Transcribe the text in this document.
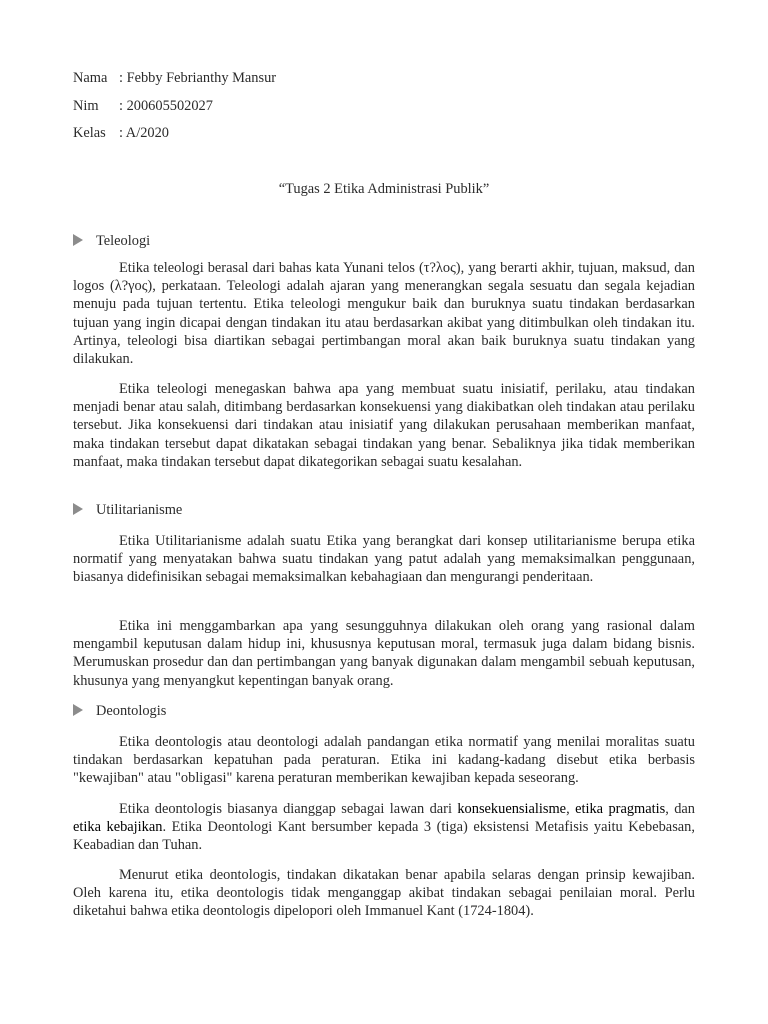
Nama : Febby Febrianthy Mansur
Nim : 200605502027
Kelas : A/2020
“Tugas 2 Etika Administrasi Publik”
Teleologi

Etika teleologi berasal dari bahas kata Yunani telos (τ?λος), yang berarti akhir, tujuan, maksud, dan logos (λ?γος), perkataan. Teleologi adalah ajaran yang menerangkan segala sesuatu dan segala kejadian menuju pada tujuan tertentu. Etika teleologi mengukur baik dan buruknya suatu tindakan berdasarkan tujuan yang ingin dicapai dengan tindakan itu atau berdasarkan akibat yang ditimbulkan oleh tindakan itu. Artinya, teleologi bisa diartikan sebagai pertimbangan moral akan baik buruknya suatu tindakan yang dilakukan.

Etika teleologi menegaskan bahwa apa yang membuat suatu inisiatif, perilaku, atau tindakan menjadi benar atau salah, ditimbang berdasarkan konsekuensi yang diakibatkan oleh tindakan atau perilaku tersebut. Jika konsekuensi dari tindakan atau inisiatif yang dilakukan perusahaan memberikan manfaat, maka tindakan tersebut dapat dikatakan sebagai tindakan yang benar. Sebaliknya jika tidak memberikan manfaat, maka tindakan tersebut dapat dikategorikan sebagai suatu kesalahan.

Utilitarianisme

Etika Utilitarianisme adalah suatu Etika yang berangkat dari konsep utilitarianisme berupa etika normatif yang menyatakan bahwa suatu tindakan yang patut adalah yang memaksimalkan penggunaan, biasanya didefinisikan sebagai memaksimalkan kebahagiaan dan mengurangi penderitaan.

Etika ini menggambarkan apa yang sesungguhnya dilakukan oleh orang yang rasional dalam mengambil keputusan dalam hidup ini, khususnya keputusan moral, termasuk juga dalam bidang bisnis. Merumuskan prosedur dan dan pertimbangan yang banyak digunakan dalam mengambil sebuah keputusan, khusunya yang menyangkut kepentingan banyak orang.

Deontologis

Etika deontologis atau deontologi adalah pandangan etika normatif yang menilai moralitas suatu tindakan berdasarkan kepatuhan pada peraturan. Etika ini kadang-kadang disebut etika berbasis "kewajiban" atau "obligasi" karena peraturan memberikan kewajiban kepada seseorang.

Etika deontologis biasanya dianggap sebagai lawan dari konsekuensialisme, etika pragmatis, dan etika kebajikan. Etika Deontologi Kant bersumber kepada 3 (tiga) eksistensi Metafisis yaitu Kebebasan, Keabadian dan Tuhan.

Menurut etika deontologis, tindakan dikatakan benar apabila selaras dengan prinsip kewajiban. Oleh karena itu, etika deontologis tidak menganggap akibat tindakan sebagai penilaian moral. Perlu diketahui bahwa etika deontologis dipelopori oleh Immanuel Kant (1724-1804).
